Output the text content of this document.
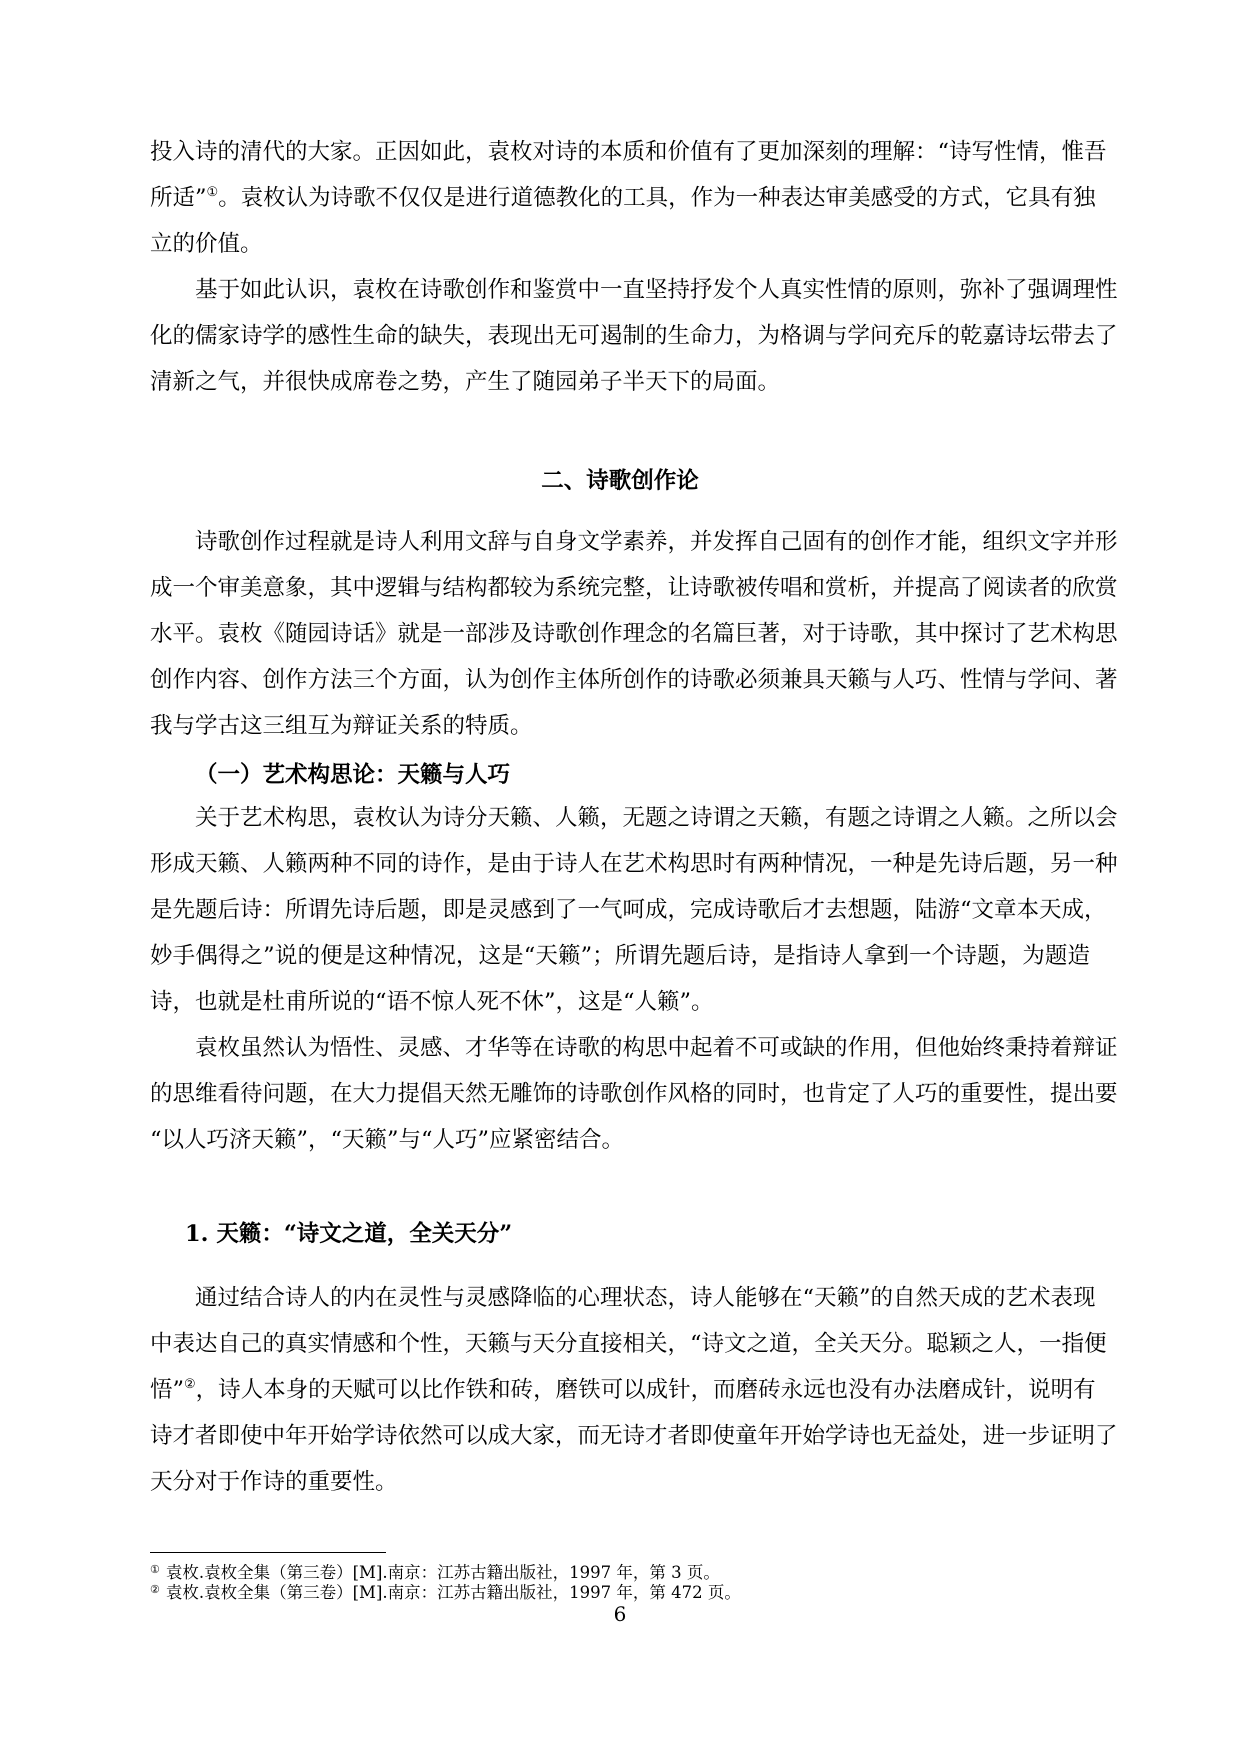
投入诗的清代的大家。正因如此，袁枚对诗的本质和价值有了更加深刻的理解：“诗写性情，惟吾
所适”①。袁枚认为诗歌不仅仅是进行道德教化的工具，作为一种表达审美感受的方式，它具有独
立的价值。
基于如此认识，袁枚在诗歌创作和鉴赏中一直坚持抒发个人真实性情的原则，弥补了强调理性
化的儒家诗学的感性生命的缺失，表现出无可遏制的生命力，为格调与学问充斥的乾嘉诗坛带去了
清新之气，并很快成席卷之势，产生了随园弟子半天下的局面。
二、诗歌创作论
诗歌创作过程就是诗人利用文辞与自身文学素养，并发挥自己固有的创作才能，组织文字并形
成一个审美意象，其中逻辑与结构都较为系统完整，让诗歌被传唱和赏析，并提高了阅读者的欣赏
水平。袁枚《随园诗话》就是一部涉及诗歌创作理念的名篇巨著，对于诗歌，其中探讨了艺术构思
创作内容、创作方法三个方面，认为创作主体所创作的诗歌必须兼具天籁与人巧、性情与学问、著
我与学古这三组互为辩证关系的特质。
（一）艺术构思论：天籁与人巧
关于艺术构思，袁枚认为诗分天籁、人籁，无题之诗谓之天籁，有题之诗谓之人籁。之所以会
形成天籁、人籁两种不同的诗作，是由于诗人在艺术构思时有两种情况，一种是先诗后题，另一种
是先题后诗：所谓先诗后题，即是灵感到了一气呵成，完成诗歌后才去想题，陆游“文章本天成，
妙手偶得之”说的便是这种情况，这是“天籁”；所谓先题后诗，是指诗人拿到一个诗题，为题造
诗，也就是杜甫所说的“语不惊人死不休”，这是“人籁”。
袁枚虽然认为悟性、灵感、才华等在诗歌的构思中起着不可或缺的作用，但他始终秉持着辩证
的思维看待问题，在大力提倡天然无雕饰的诗歌创作风格的同时，也肯定了人巧的重要性，提出要
“以人巧济天籁”，“天籁”与“人巧”应紧密结合。
1. 天籁：“诗文之道，全关天分”
通过结合诗人的内在灵性与灵感降临的心理状态，诗人能够在“天籁”的自然天成的艺术表现
中表达自己的真实情感和个性，天籁与天分直接相关，“诗文之道，全关天分。聪颖之人，一指便
悟”②，诗人本身的天赋可以比作铁和砖，磨铁可以成针，而磨砖永远也没有办法磨成针，说明有
诗才者即使中年开始学诗依然可以成大家，而无诗才者即使童年开始学诗也无益处，进一步证明了
天分对于作诗的重要性。
① 袁枚.袁枚全集（第三卷）[M].南京：江苏古籍出版社，1997 年，第 3 页。
② 袁枚.袁枚全集（第三卷）[M].南京：江苏古籍出版社，1997 年，第 472 页。
6
